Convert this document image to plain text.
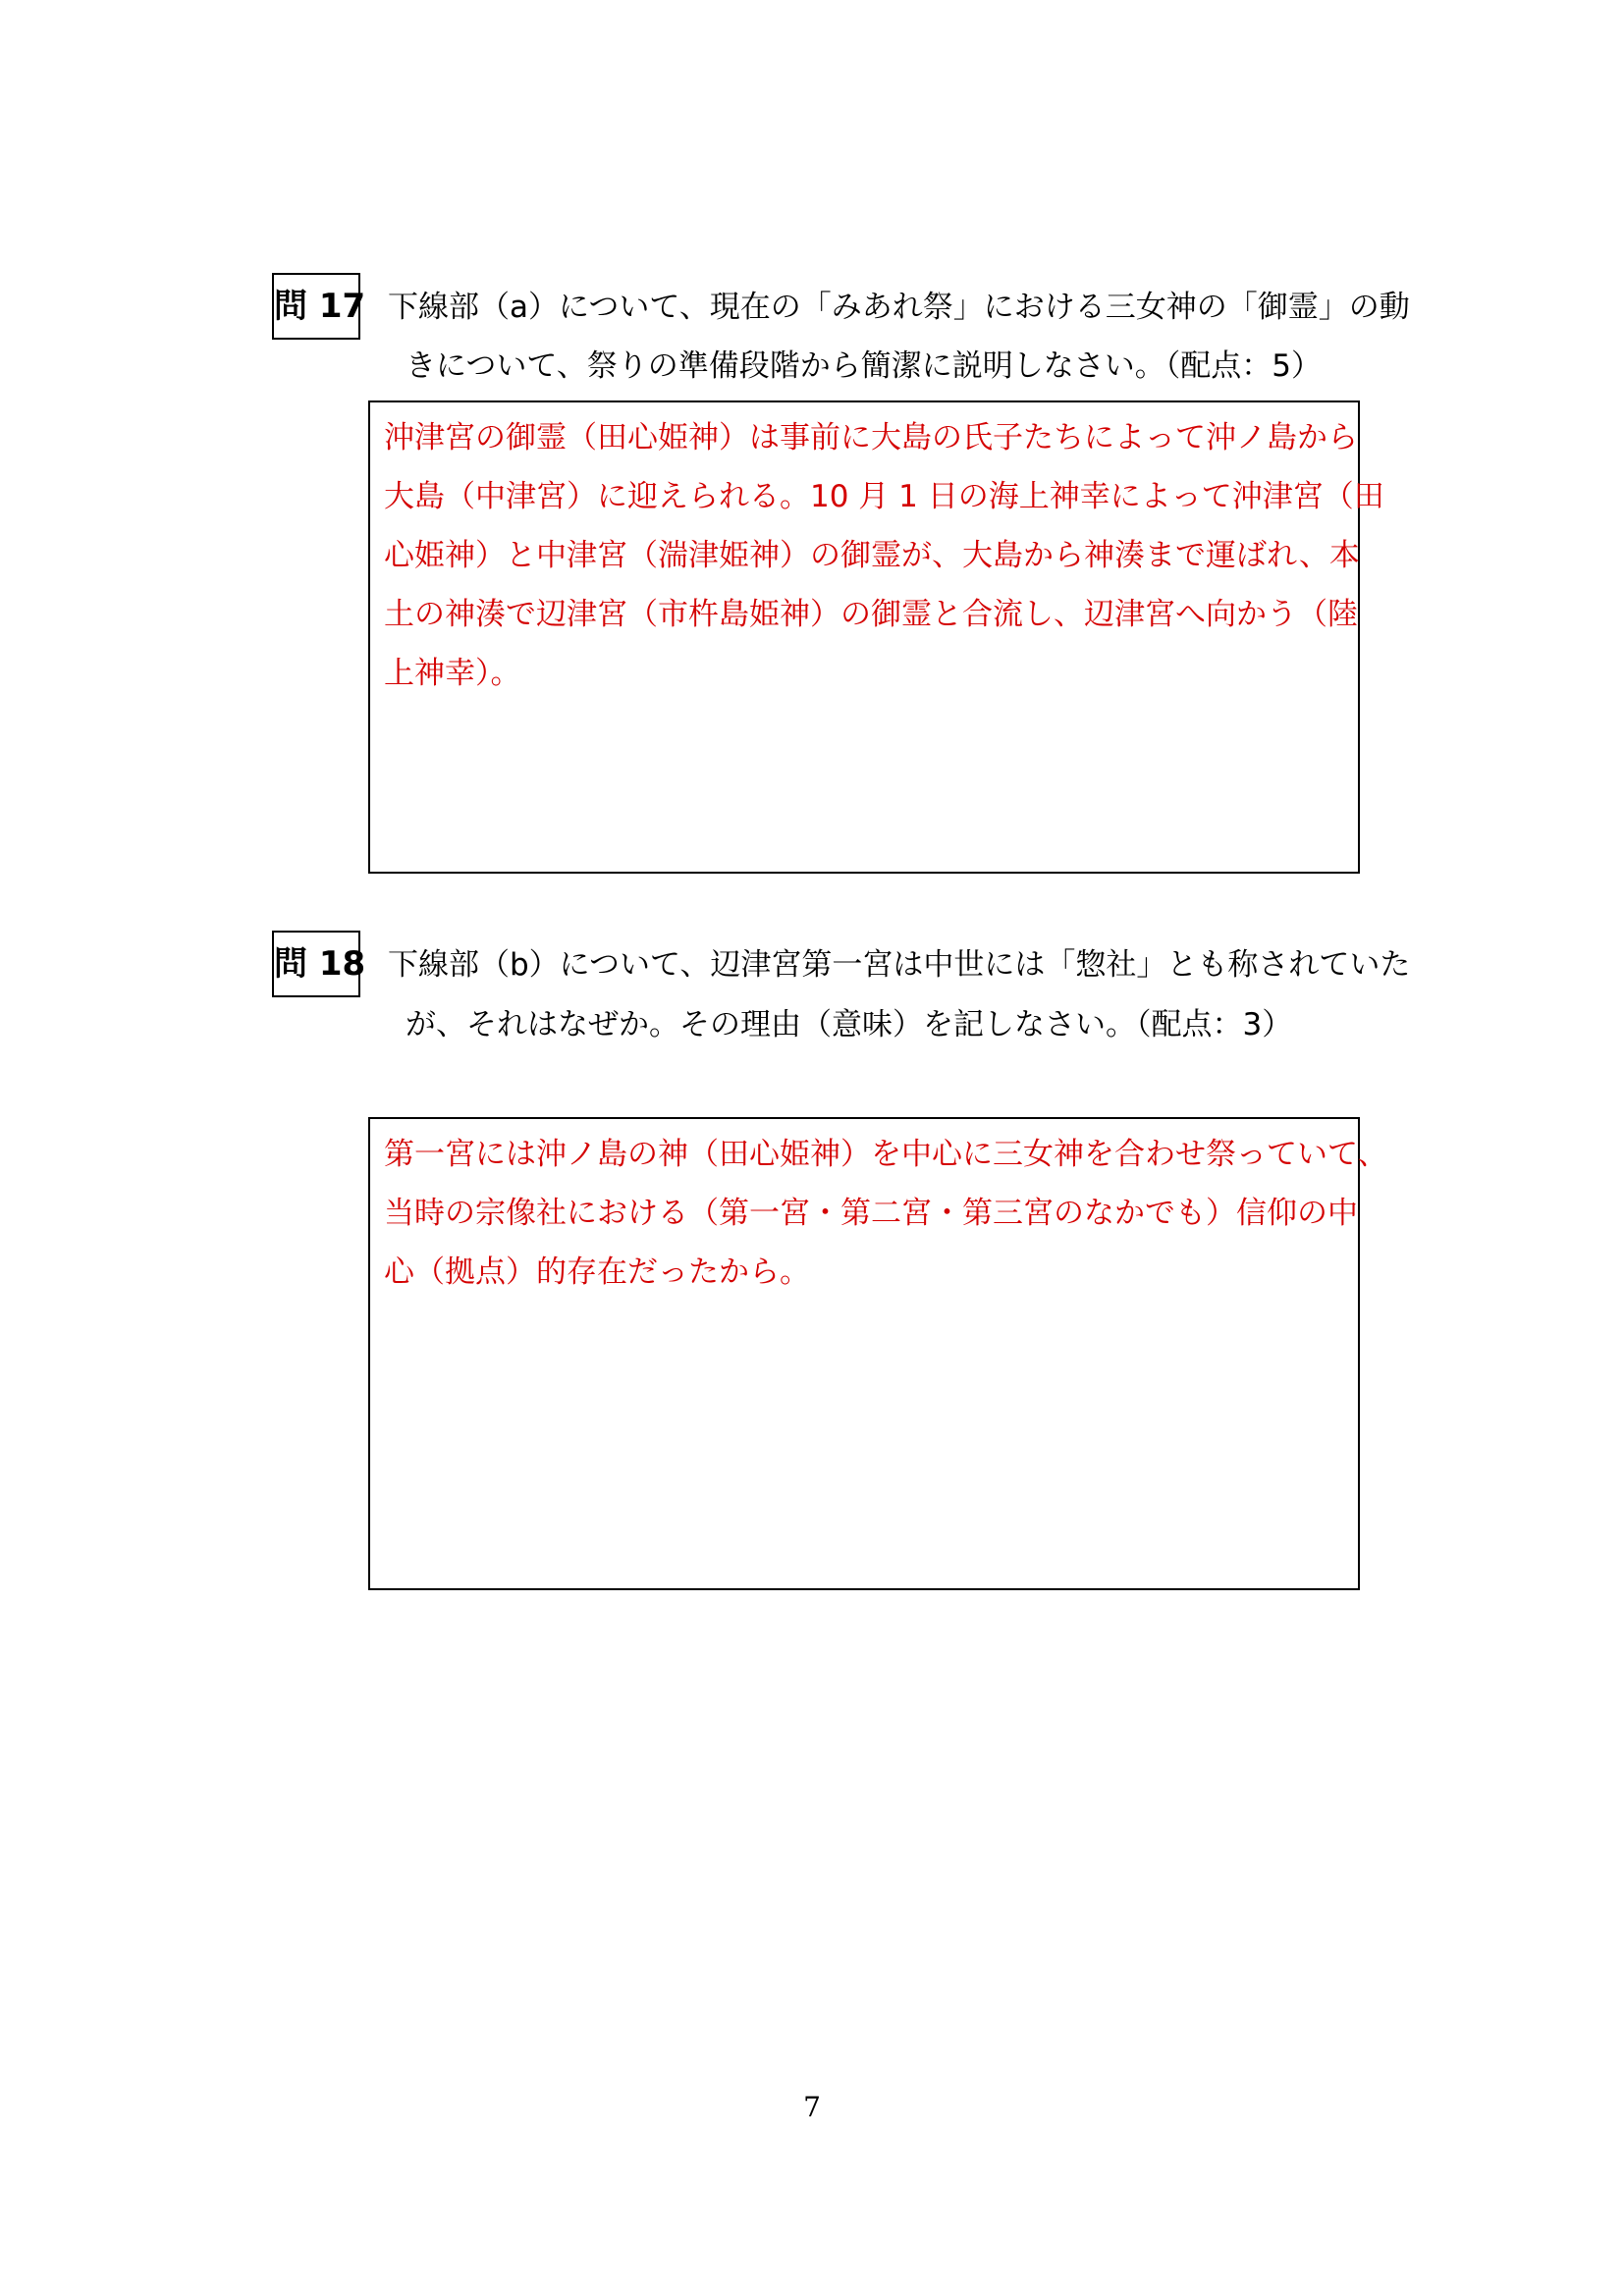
問 17 下線部（a）について、現在の「みあれ祭」における三女神の「御霊」の動
きについて、祭りの準備段階から簡潔に説明しなさい。（配点：5）
沖津宮の御霊（田心姫神）は事前に大島の氏子たちによって沖ノ島から
大島（中津宮）に迎えられる。10 月 1 日の海上神幸によって沖津宮（田
心姫神）と中津宮（湍津姫神）の御霊が、大島から神湊まで運ばれ、本
土の神湊で辺津宮（市杵島姫神）の御霊と合流し、辺津宮へ向かう（陸
上神幸）。
問 18 下線部（b）について、辺津宮第一宮は中世には「惣社」とも称されていた
が、それはなぜか。その理由（意味）を記しなさい。（配点：3）
第一宮には沖ノ島の神（田心姫神）を中心に三女神を合わせ祭っていて、
当時の宗像社における（第一宮・第二宮・第三宮のなかでも）信仰の中
心（拠点）的存在だったから。
7
